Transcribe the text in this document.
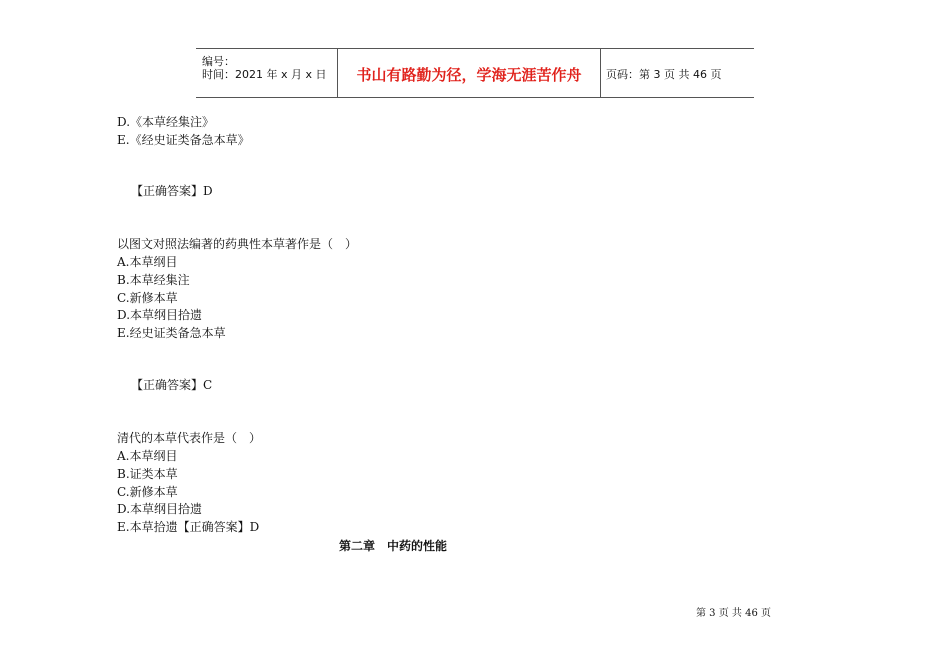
编号：
时间：2021 年 x 月 x 日	书山有路勤为径，学海无涯苦作舟	页码：第 3 页 共 46 页
D.《本草经集注》
E.《经史证类备急本草》
【正确答案】D
以图文对照法编著的药典性本草著作是（　）
A.本草纲目
B.本草经集注
C.新修本草
D.本草纲目拾遗
E.经史证类备急本草
【正确答案】C
清代的本草代表作是（　）
A.本草纲目
B.证类本草
C.新修本草
D.本草纲目拾遗
E.本草拾遗【正确答案】D
第二章　中药的性能
第 3 页 共 46 页
